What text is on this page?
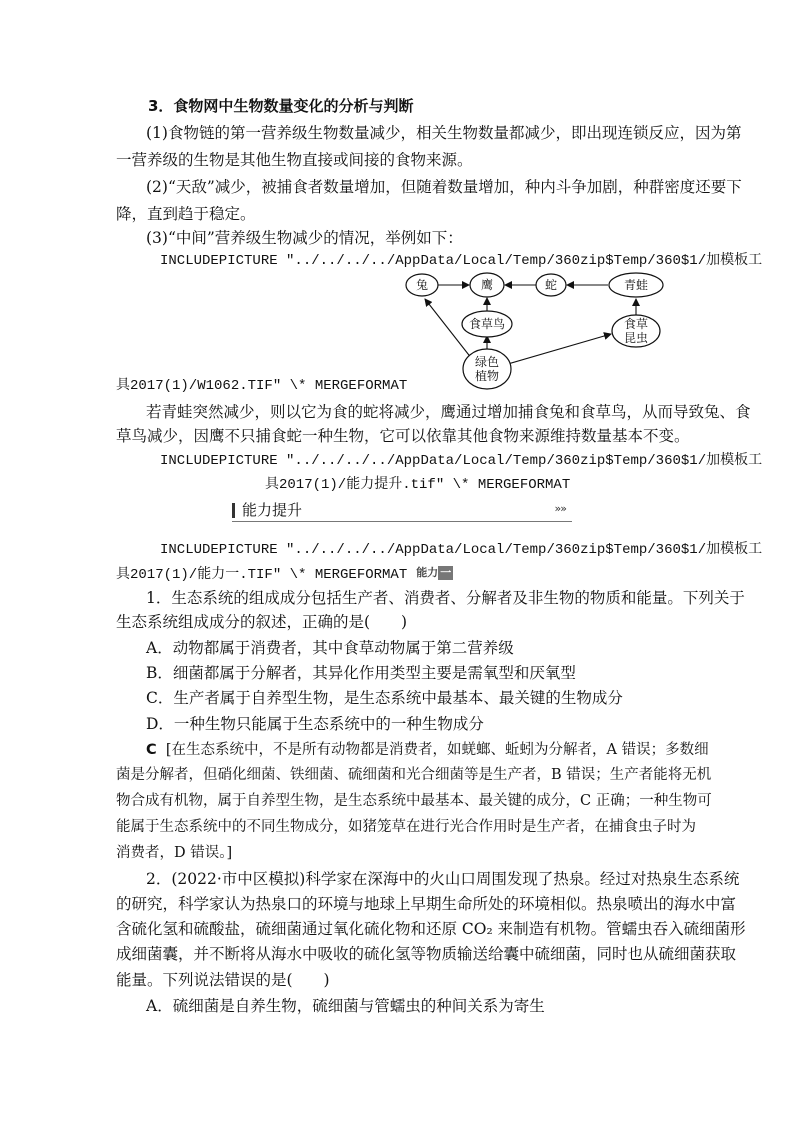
3．食物网中生物数量变化的分析与判断
(1)食物链的第一营养级生物数量减少，相关生物数量都减少，即出现连锁反应，因为第
一营养级的生物是其他生物直接或间接的食物来源。
(2)“天敌”减少，被捕食者数量增加，但随着数量增加，种内斗争加剧，种群密度还要下
降，直到趋于稳定。
(3)“中间”营养级生物减少的情况，举例如下：
INCLUDEPICTURE "../../../../AppData/Local/Temp/360zip$Temp/360$1/加模板工
兔	鹰	蛇	青蛙
食草鸟	食草
昆虫
绿色
植物
具2017(1)/W1062.TIF" \* MERGEFORMAT
若青蛙突然减少，则以它为食的蛇将减少，鹰通过增加捕食兔和食草鸟，从而导致兔、食
草鸟减少，因鹰不只捕食蛇一种生物，它可以依靠其他食物来源维持数量基本不变。
INCLUDEPICTURE "../../../../AppData/Local/Temp/360zip$Temp/360$1/加模板工
具2017(1)/能力提升.tif" \* MERGEFORMAT
能力提升	»»
INCLUDEPICTURE "../../../../AppData/Local/Temp/360zip$Temp/360$1/加模板工
具2017(1)/能力一.TIF" \* MERGEFORMAT 能力 一
1．生态系统的组成成分包括生产者、消费者、分解者及非生物的物质和能量。下列关于
生态系统组成成分的叙述，正确的是(　　)
A．动物都属于消费者，其中食草动物属于第二营养级
B．细菌都属于分解者，其异化作用类型主要是需氧型和厌氧型
C．生产者属于自养型生物，是生态系统中最基本、最关键的生物成分
D．一种生物只能属于生态系统中的一种生物成分
C [在生态系统中，不是所有动物都是消费者，如蜣螂、蚯蚓为分解者，A 错误；多数细
菌是分解者，但硝化细菌、铁细菌、硫细菌和光合细菌等是生产者，B 错误；生产者能将无机
物合成有机物，属于自养型生物，是生态系统中最基本、最关键的成分，C 正确；一种生物可
能属于生态系统中的不同生物成分，如猪笼草在进行光合作用时是生产者，在捕食虫子时为
消费者，D 错误。]
2．(2022·市中区模拟)科学家在深海中的火山口周围发现了热泉。经过对热泉生态系统
的研究，科学家认为热泉口的环境与地球上早期生命所处的环境相似。热泉喷出的海水中富
含硫化氢和硫酸盐，硫细菌通过氧化硫化物和还原 CO₂ 来制造有机物。管蠕虫吞入硫细菌形
成细菌囊，并不断将从海水中吸收的硫化氢等物质输送给囊中硫细菌，同时也从硫细菌获取
能量。下列说法错误的是(　　)
A．硫细菌是自养生物，硫细菌与管蠕虫的种间关系为寄生
